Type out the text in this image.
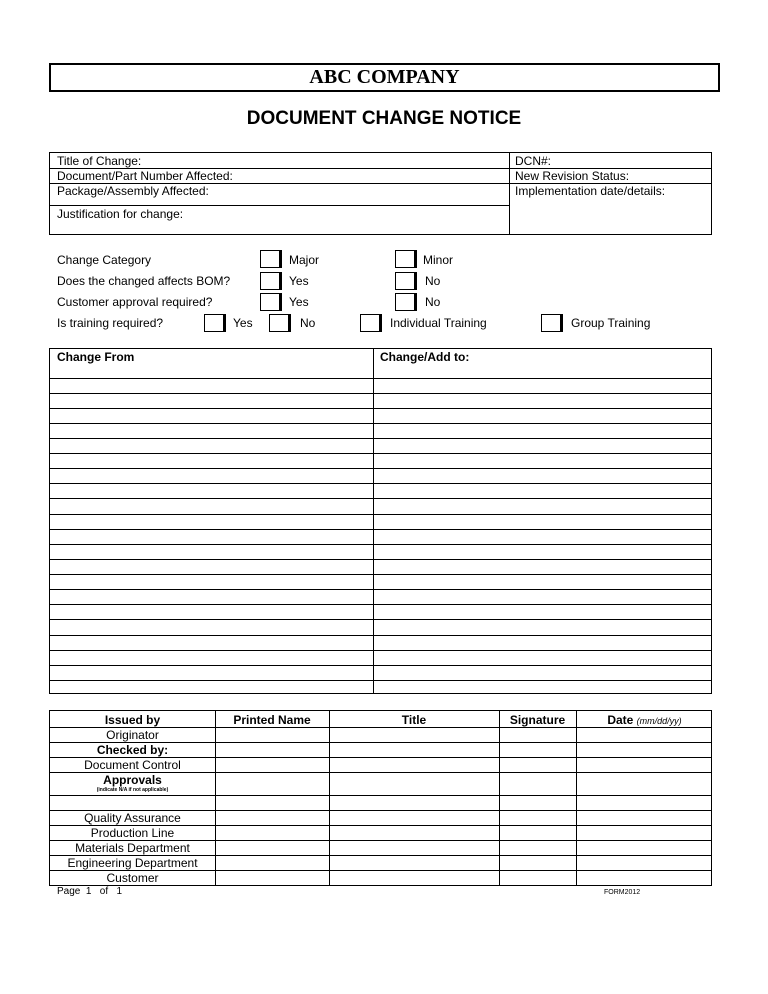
ABC COMPANY
DOCUMENT CHANGE NOTICE
Title of Change:
Document/Part Number Affected:
Package/Assembly Affected:
Justification for change:
DCN#:
New Revision Status:
Implementation date/details:
Change Category	Major	Minor
Does the changed affects BOM?	Yes	No
Customer approval required?	Yes	No
Is training required?	Yes	No	Individual Training	Group Training
Change From	Change/Add to:
Issued by	Printed Name	Title	Signature	Date (mm/dd/yy)
Originator
Checked by:
Document Control
Approvals
(indicate N/A if not applicable)
Quality Assurance
Production Line
Materials Department
Engineering Department
Customer
Page  1   of   1	FORM2012
